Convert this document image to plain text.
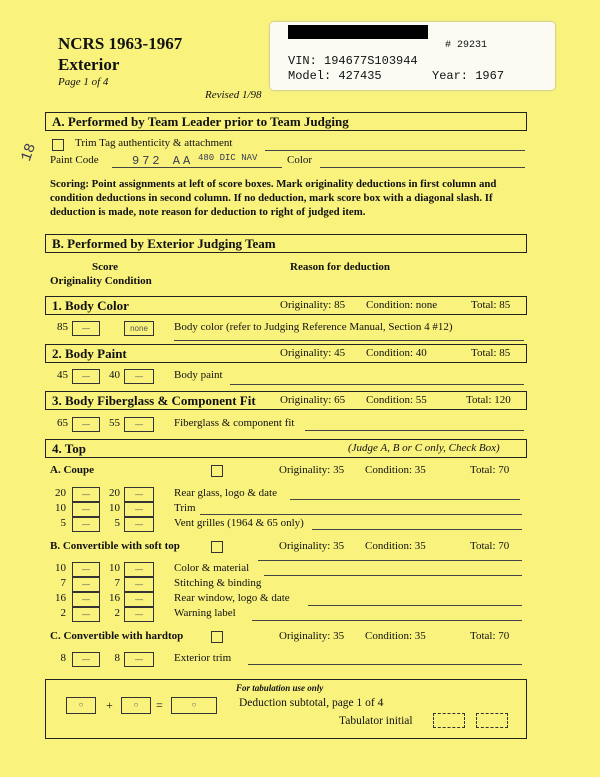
NCRS 1963-1967
Exterior
Page 1 of 4
Revised 1/98
# 29231
VIN: 194677S103944
Model: 427435	Year: 1967
A. Performed by Team Leader prior to Team Judging
18	Trim Tag authenticity & attachment
Paint Code	972 AA 480 DIC NAV	Color
Scoring: Point assignments at left of score boxes. Mark originality deductions in first column and condition deductions in second column. If no deduction, mark score box with a diagonal slash. If deduction is made, note reason for deduction to right of judged item.
B. Performed by Exterior Judging Team
Score
Originality Condition
Reason for deduction
1. Body Color	Originality: 85 Condition: none	Total: 85
85	—	none	Body color (refer to Judging Reference Manual, Section 4 #12)
2. Body Paint	Originality: 45 Condition: 40	Total: 85
45	—	40	—	Body paint
3. Body Fiberglass & Component Fit Originality: 65 Condition: 55	Total: 120
65	—	55	—	Fiberglass & component fit
4. Top	(Judge A, B or C only, Check Box)
A. Coupe	Originality: 35 Condition: 35	Total: 70
20	—	20	—	Rear glass, logo & date
10	—	10	—	Trim
5	—	5	—	Vent grilles (1964 & 65 only)
B. Convertible with soft top	Originality: 35 Condition: 35	Total: 70
10	—	10	—	Color & material
7	—	7	—	Stitching & binding
16	—	16	—	Rear window, logo & date
2	—	2	—	Warning label
C. Convertible with hardtop	Originality: 35 Condition: 35	Total: 70
8	—	8	—	Exterior trim
For tabulation use only
○	+	○	=	○	Deduction subtotal, page 1 of 4
Tabulator initial
